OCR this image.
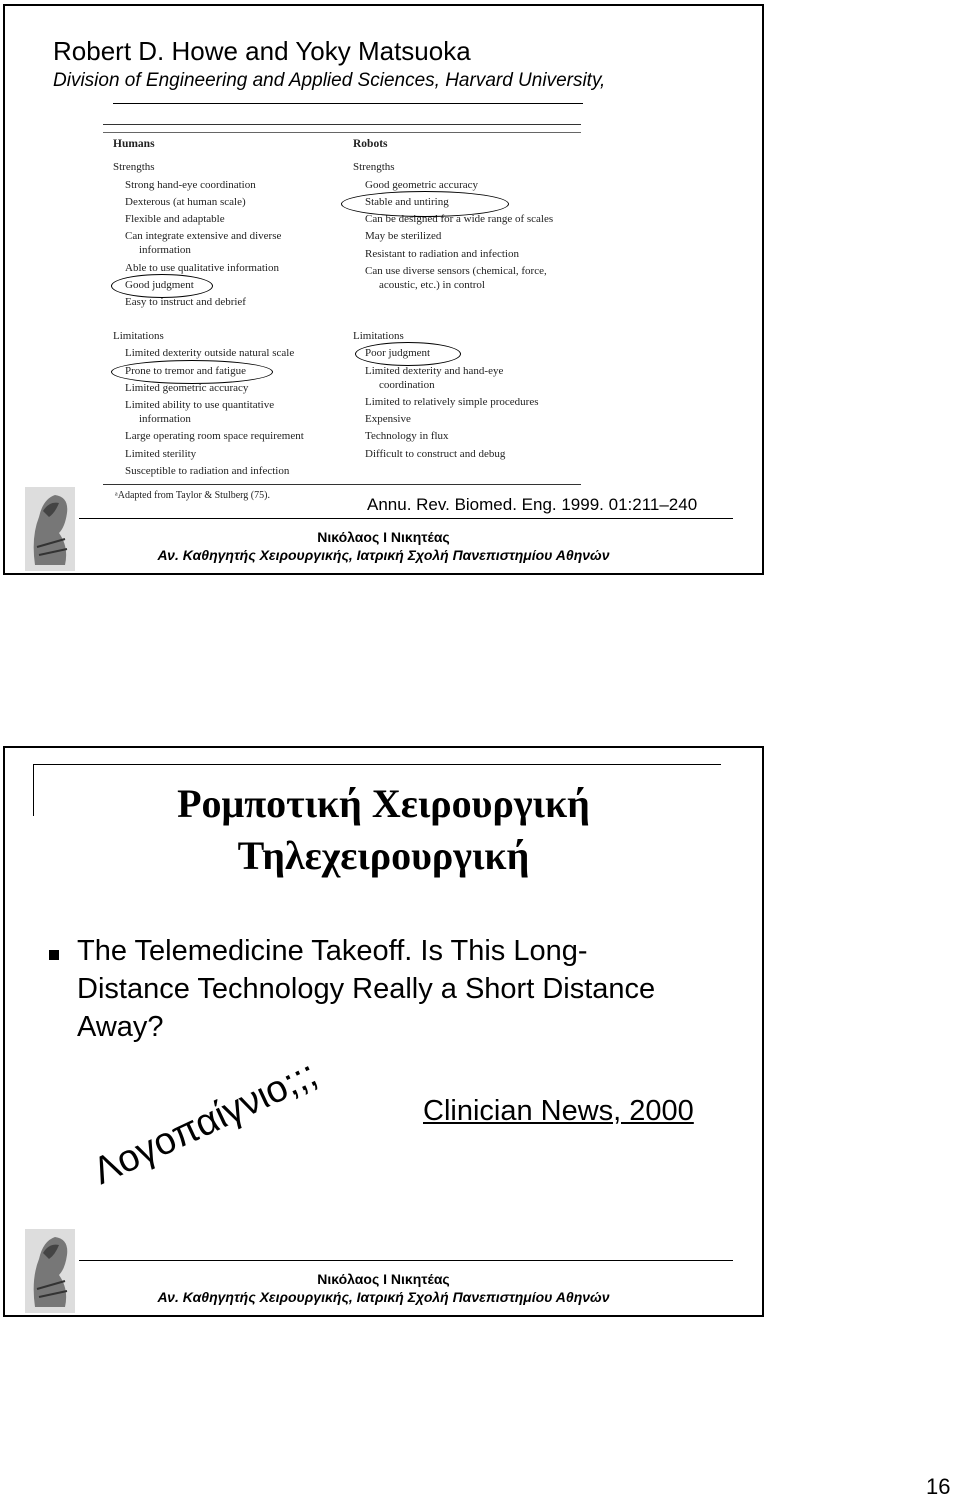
Robert D. Howe and Yoky Matsuoka
Division of Engineering and Applied Sciences, Harvard University,
Humans
Strengths
Strong hand-eye coordination
Dexterous (at human scale)
Flexible and adaptable
Can integrate extensive and diverse
information
Able to use qualitative information
Good judgment
Easy to instruct and debrief
Limitations
Limited dexterity outside natural scale
Prone to tremor and fatigue
Limited geometric accuracy
Limited ability to use quantitative
information
Large operating room space requirement
Limited sterility
Susceptible to radiation and infection
Robots
Strengths
Good geometric accuracy
Stable and untiring
Can be designed for a wide range of scales
May be sterilized
Resistant to radiation and infection
Can use diverse sensors (chemical, force,
acoustic, etc.) in control
Limitations
Poor judgment
Limited dexterity and hand-eye
coordination
Limited to relatively simple procedures
Expensive
Technology in flux
Difficult to construct and debug
ᵃAdapted from Taylor & Stulberg (75).	Annu. Rev. Biomed. Eng. 1999. 01:211–240
Νικόλαος Ι Νικητέας
Αν. Καθηγητής Χειρουργικής, Ιατρική Σχολή Πανεπιστημίου Αθηνών
Ρομποτική Χειρουργική
Τηλεχειρουργική
The Telemedicine Takeoff. Is This Long-
Distance Technology Really a Short Distance
Away?
Λογοπαίγνιο;;;	Clinician News, 2000
Νικόλαος Ι Νικητέας
Αν. Καθηγητής Χειρουργικής, Ιατρική Σχολή Πανεπιστημίου Αθηνών
16
